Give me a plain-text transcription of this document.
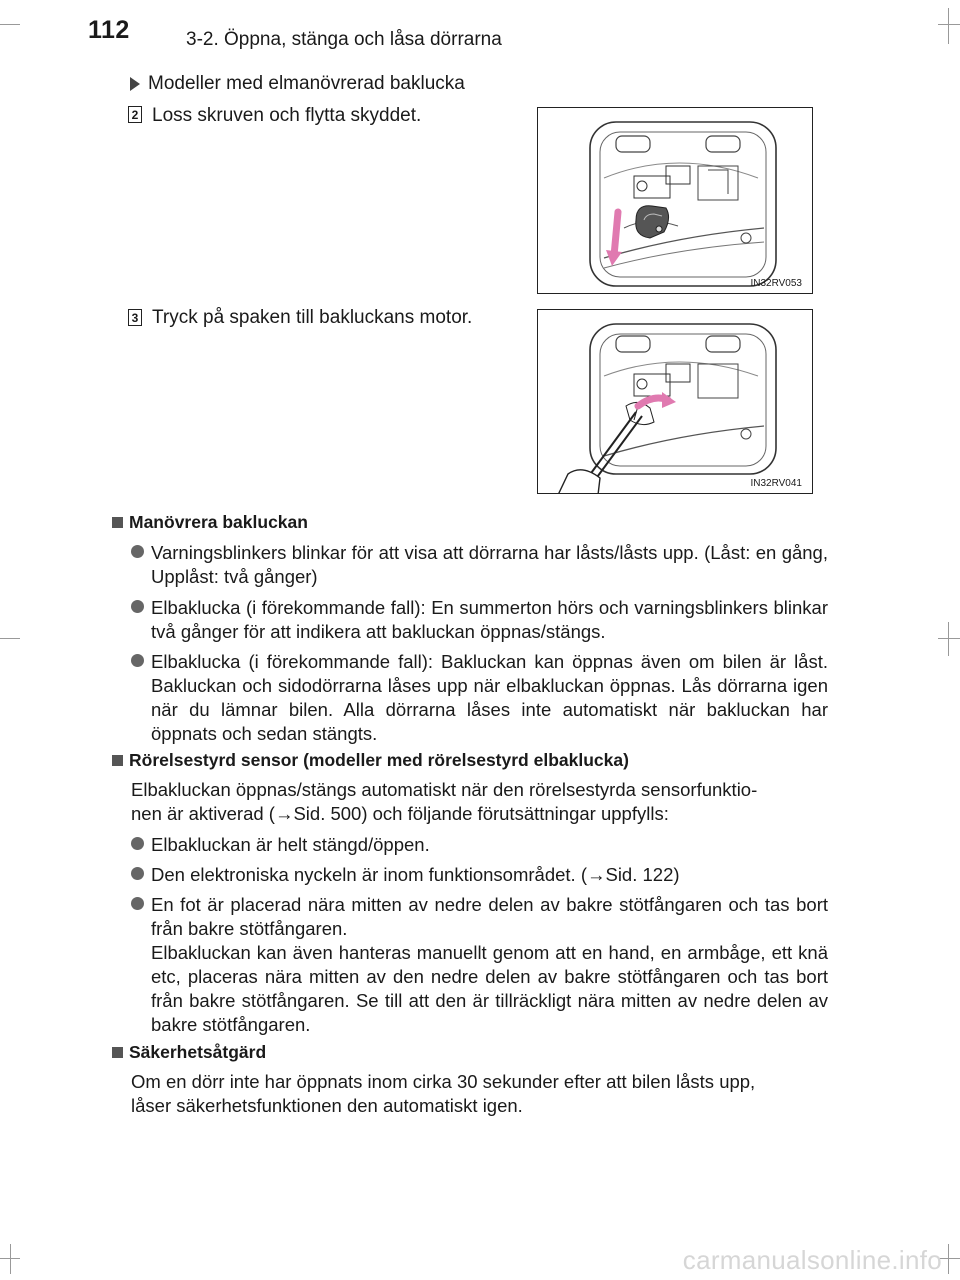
112	3-2. Öppna, stänga och låsa dörrarna
Modeller med elmanövrerad baklucka
2 Loss skruven och flytta skyddet.
IN32RV053
3 Tryck på spaken till bakluckans motor.
IN32RV041
Manövrera bakluckan
Varningsblinkers blinkar för att visa att dörrarna har låsts/låsts upp. (Låst: en gång, Upplåst: två gånger)
Elbaklucka (i förekommande fall): En summerton hörs och varningsblinkers blinkar två gånger för att indikera att bakluckan öppnas/stängs.
Elbaklucka (i förekommande fall): Bakluckan kan öppnas även om bilen är låst. Bakluckan och sidodörrarna låses upp när elbakluckan öppnas. Lås dörrarna igen när du lämnar bilen. Alla dörrarna låses inte automatiskt när bakluckan har öppnats och sedan stängts.
Rörelsestyrd sensor (modeller med rörelsestyrd elbaklucka)
Elbakluckan öppnas/stängs automatiskt när den rörelsestyrda sensorfunktio-
nen är aktiverad (→Sid. 500) och följande förutsättningar uppfylls:
Elbakluckan är helt stängd/öppen.
Den elektroniska nyckeln är inom funktionsområdet. (→Sid. 122)
En fot är placerad nära mitten av nedre delen av bakre stötfångaren och tas bort från bakre stötfångaren.
Elbakluckan kan även hanteras manuellt genom att en hand, en armbåge, ett knä etc, placeras nära mitten av den nedre delen av bakre stötfångaren och tas bort från bakre stötfångaren. Se till att den är tillräckligt nära mitten av nedre delen av bakre stötfångaren.
Säkerhetsåtgärd
Om en dörr inte har öppnats inom cirka 30 sekunder efter att bilen låsts upp,
låser säkerhetsfunktionen den automatiskt igen.
carmanualsonline.info
